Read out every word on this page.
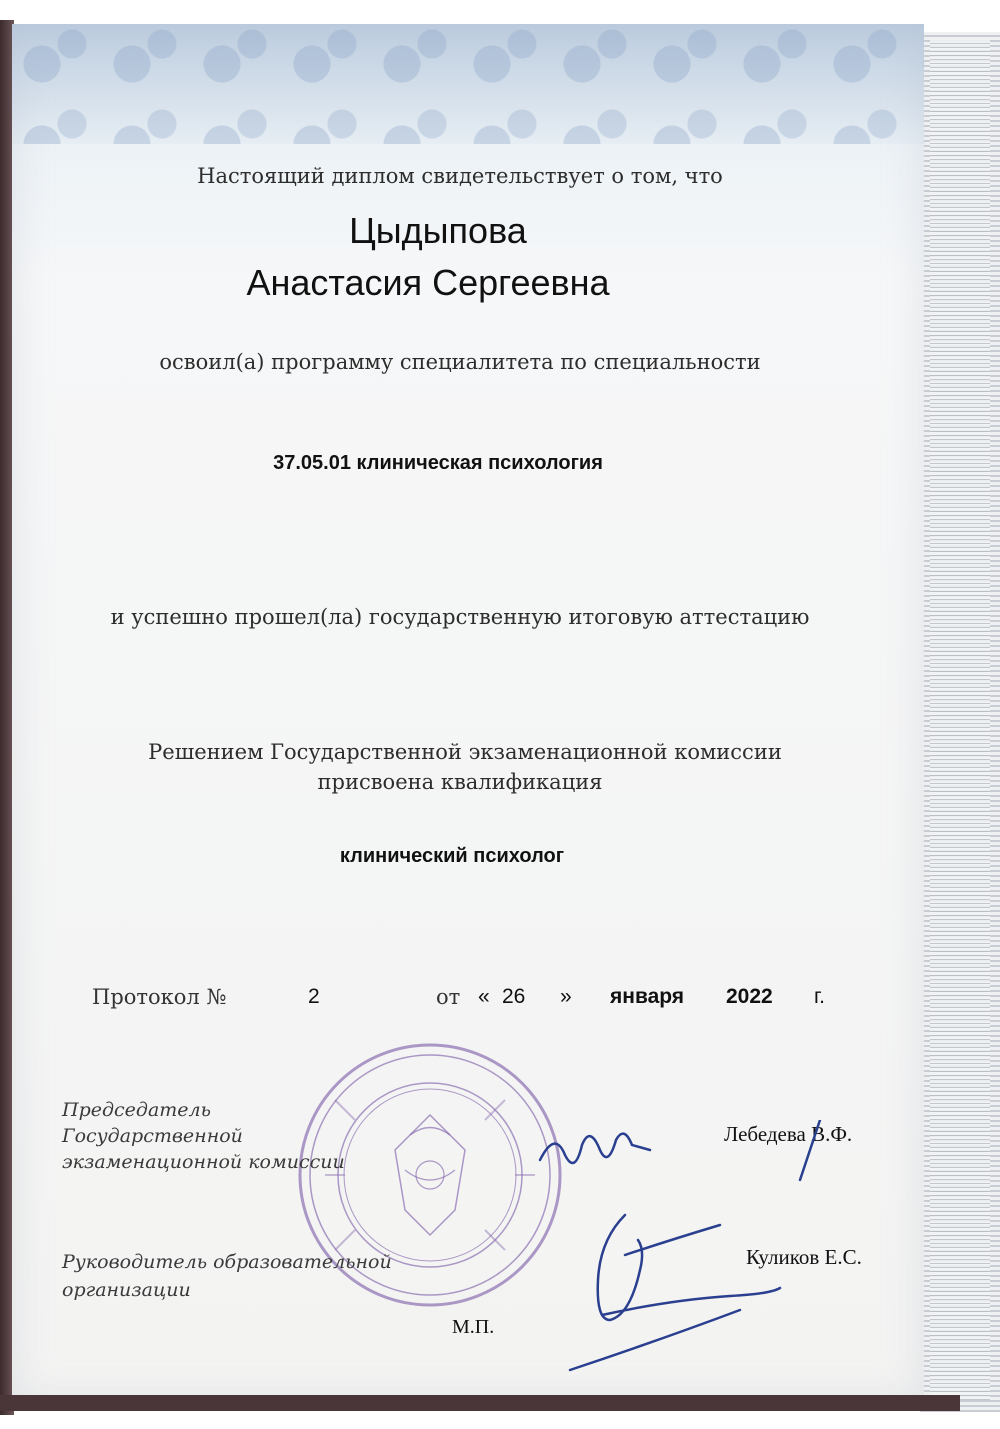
Настоящий диплом свидетельствует о том, что
Цыдыпова
Анастасия Сергеевна
освоил(а) программу специалитета по специальности
37.05.01 клиническая психология
и успешно прошел(ла) государственную итоговую аттестацию
Решением Государственной экзаменационной комиссии
присвоена квалификация
клинический психолог
Протокол №	2	от « 26 » января 2022 г.
Председатель
Государственной
экзаменационной комиссии
Лебедева В.Ф.
Руководитель образовательной
организации
Куликов Е.С.
М.П.
